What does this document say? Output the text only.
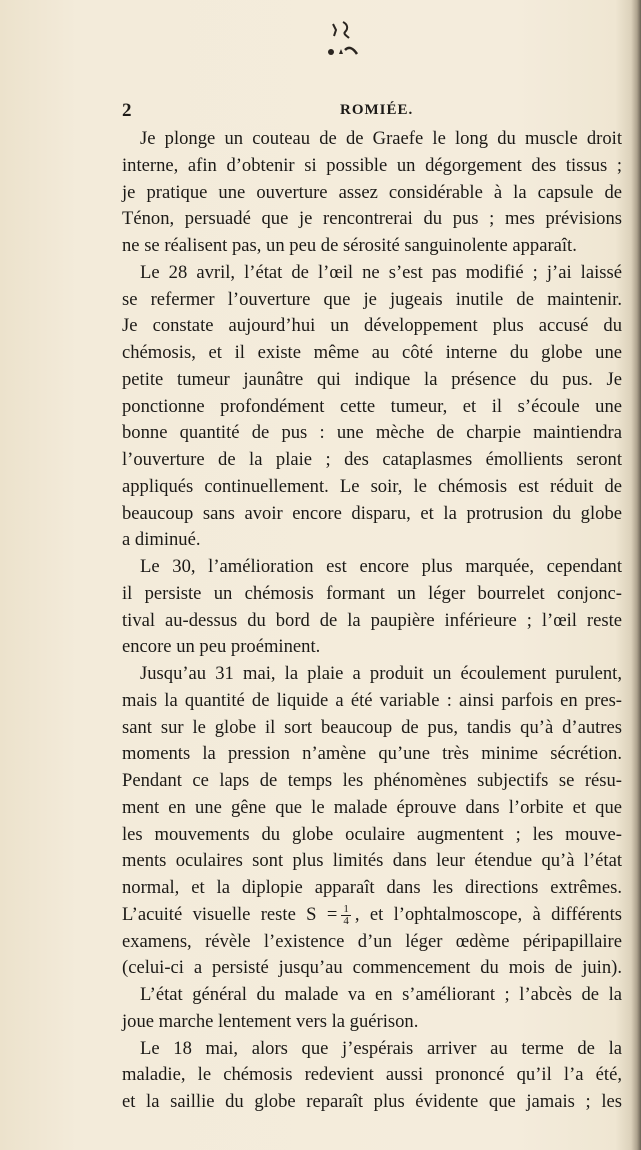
2	ROMIÉE.
Je plonge un couteau de de Graefe le long du muscle droit
interne, afin d’obtenir si possible un dégorgement des tissus ;
je pratique une ouverture assez considérable à la capsule de
Ténon, persuadé que je rencontrerai du pus ; mes prévisions
ne se réalisent pas, un peu de sérosité sanguinolente apparaît.
Le 28 avril, l’état de l’œil ne s’est pas modifié ; j’ai laissé
se refermer l’ouverture que je jugeais inutile de maintenir.
Je constate aujourd’hui un développement plus accusé du
chémosis, et il existe même au côté interne du globe une
petite tumeur jaunâtre qui indique la présence du pus. Je
ponctionne profondément cette tumeur, et il s’écoule une
bonne quantité de pus : une mèche de charpie maintiendra
l’ouverture de la plaie ; des cataplasmes émollients seront
appliqués continuellement. Le soir, le chémosis est réduit de
beaucoup sans avoir encore disparu, et la protrusion du globe
a diminué.
Le 30, l’amélioration est encore plus marquée, cependant
il persiste un chémosis formant un léger bourrelet conjonc-
tival au-dessus du bord de la paupière inférieure ; l’œil reste
encore un peu proéminent.
Jusqu’au 31 mai, la plaie a produit un écoulement purulent,
mais la quantité de liquide a été variable : ainsi parfois en pres-
sant sur le globe il sort beaucoup de pus, tandis qu’à d’autres
moments la pression n’amène qu’une très minime sécrétion.
Pendant ce laps de temps les phénomènes subjectifs se résu-
ment en une gêne que le malade éprouve dans l’orbite et que
les mouvements du globe oculaire augmentent ; les mouve-
ments oculaires sont plus limités dans leur étendue qu’à l’état
normal, et la diplopie apparaît dans les directions extrêmes.
L’acuité visuelle reste $S = \frac{1}{4}$ , et l’ophtalmoscope, à différents
examens, révèle l’existence d’un léger œdème péripapillaire
(celui-ci a persisté jusqu’au commencement du mois de juin).
L’état général du malade va en s’améliorant ; l’abcès de la
joue marche lentement vers la guérison.
Le 18 mai, alors que j’espérais arriver au terme de la
maladie, le chémosis redevient aussi prononcé qu’il l’a été,
et la saillie du globe reparaît plus évidente que jamais ; les
